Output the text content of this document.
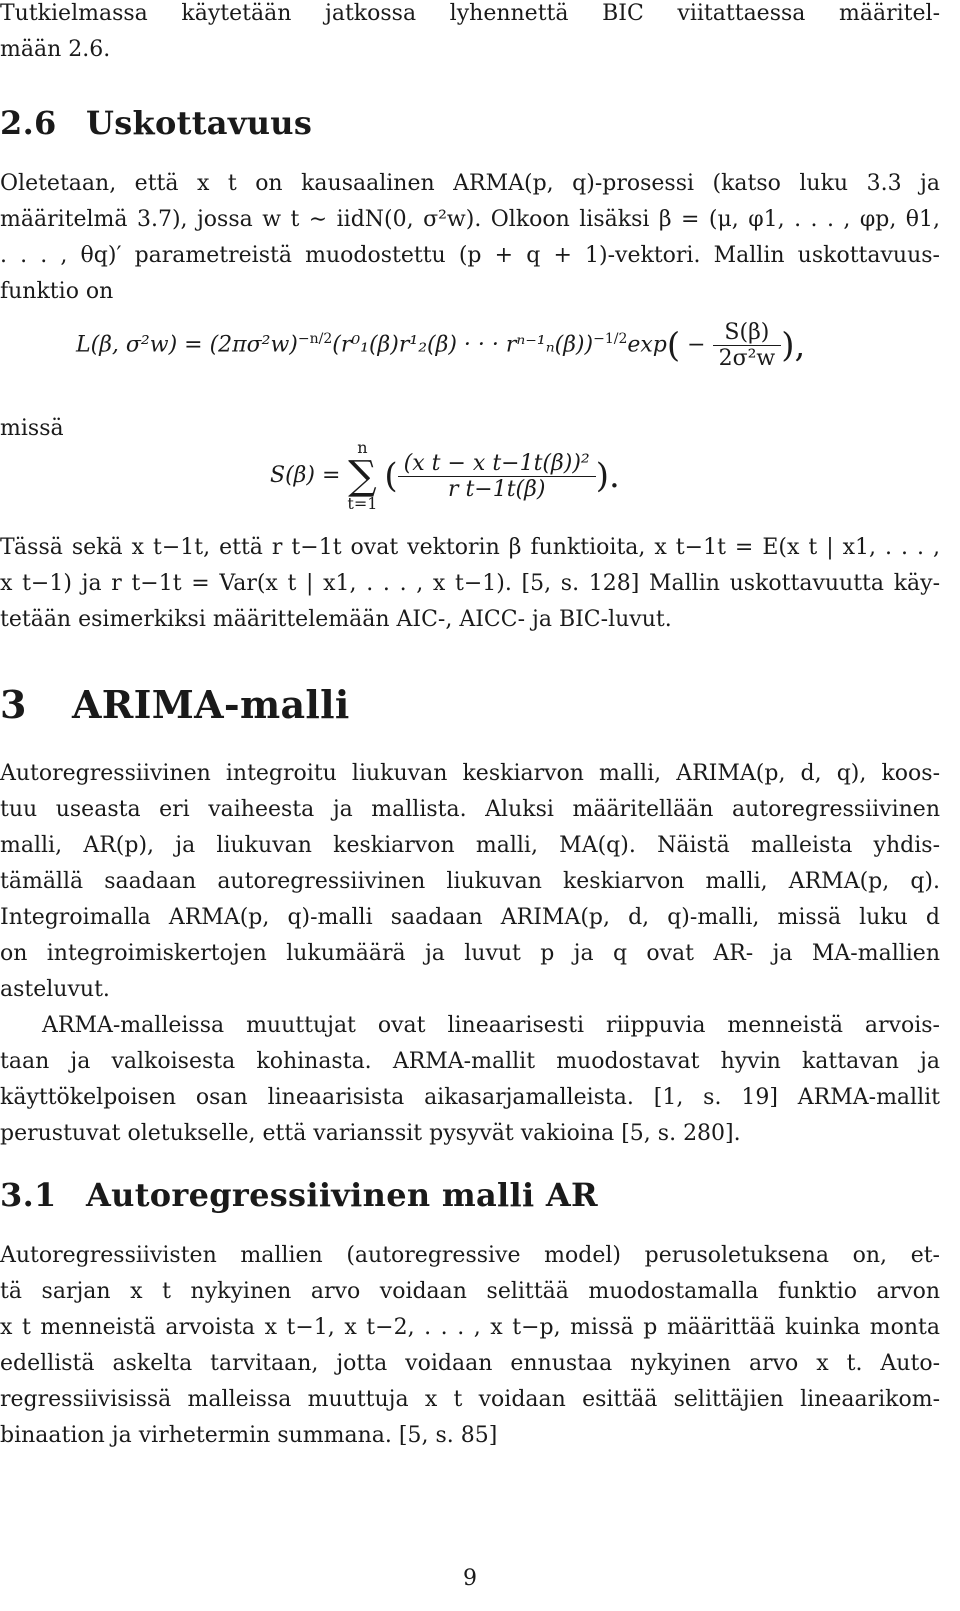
Tutkielmassa käytetään jatkossa lyhennettä BIC viitattaessa määritel-
mään 2.6.
2.6 Uskottavuus
Oletetaan, että x t on kausaalinen ARMA(p, q)-prosessi (katso luku 3.3 ja
määritelmä 3.7), jossa w t ∼ iidN(0, σ²w). Olkoon lisäksi β = (μ, φ1, . . . , φp, θ1,
. . . , θq)′ parametreistä muodostettu (p + q + 1)-vektori. Mallin uskottavuus-
funktio on
L(β, $\sigma^2w) = (2\pi\sigma^2w)^{-n/2}(r^0_1(\beta)r^1_2(\beta)$ · · · $r^{n-1}_n(\beta))^{-1/2}\exp( - \frac{S(\beta)}{\text{2σ²w}}$ ),
missä
S(β) =
n
∑
t=1
( $\frac{\text{(x t − x t−1t(β))²}}{\text{r t−1t(β)}}$ ).
Tässä sekä x t−1t, että r t−1t ovat vektorin β funktioita, x t−1t = E(x t | x1, . . . ,
x t−1) ja r t−1t = Var(x t | x1, . . . , x t−1). [5, s. 128] Mallin uskottavuutta käy-
tetään esimerkiksi määrittelemään AIC-, AICC- ja BIC-luvut.
3 ARIMA-malli
Autoregressiivinen integroitu liukuvan keskiarvon malli, ARIMA(p, d, q), koos-
tuu useasta eri vaiheesta ja mallista. Aluksi määritellään autoregressiivinen
malli, AR(p), ja liukuvan keskiarvon malli, MA(q). Näistä malleista yhdis-
tämällä saadaan autoregressiivinen liukuvan keskiarvon malli, ARMA(p, q).
Integroimalla ARMA(p, q)-malli saadaan ARIMA(p, d, q)-malli, missä luku d
on integroimiskertojen lukumäärä ja luvut p ja q ovat AR- ja MA-mallien
asteluvut.
ARMA-malleissa muuttujat ovat lineaarisesti riippuvia menneistä arvois-
taan ja valkoisesta kohinasta. ARMA-mallit muodostavat hyvin kattavan ja
käyttökelpoisen osan lineaarisista aikasarjamalleista. [1, s. 19] ARMA-mallit
perustuvat oletukselle, että varianssit pysyvät vakioina [5, s. 280].
3.1 Autoregressiivinen malli AR
Autoregressiivisten mallien (autoregressive model) perusoletuksena on, et-
tä sarjan x t nykyinen arvo voidaan selittää muodostamalla funktio arvon
x t menneistä arvoista x t−1, x t−2, . . . , x t−p, missä p määrittää kuinka monta
edellistä askelta tarvitaan, jotta voidaan ennustaa nykyinen arvo x t. Auto-
regressiivisissä malleissa muuttuja x t voidaan esittää selittäjien lineaarikom-
binaation ja virhetermin summana. [5, s. 85]
9
